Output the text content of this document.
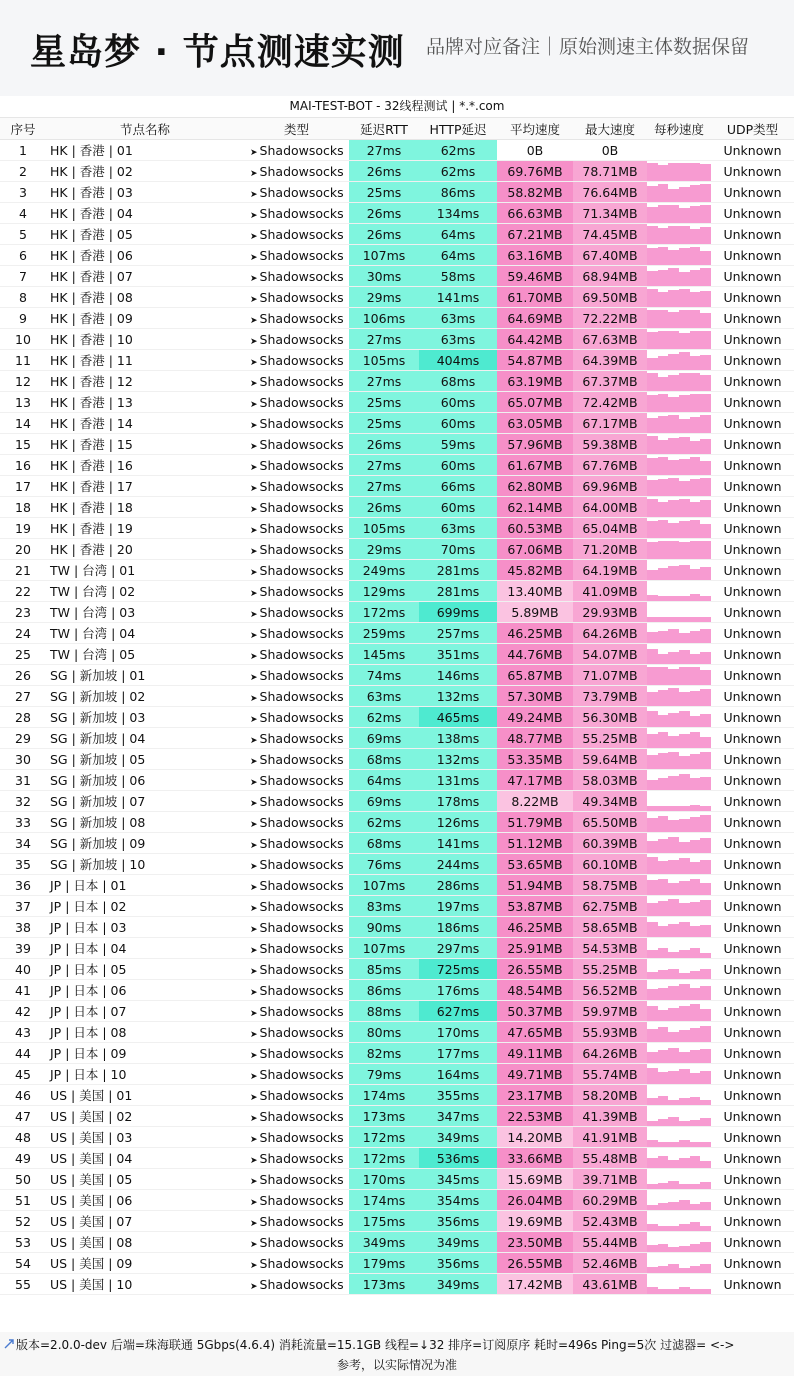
星岛梦 · 节点测速实测 品牌对应备注｜原始测速主体数据保留
MAI-TEST-BOT - 32线程测试 | *.*.com
序号	节点名称	类型	延迟RTT	HTTP延迟	平均速度	最大速度	每秒速度	UDP类型
1	HK | 香港 | 01	➤ Shadowsocks	27ms	62ms	0B	0B		Unknown
2	HK | 香港 | 02	➤ Shadowsocks	26ms	62ms	69.76MB	78.71MB		Unknown
3	HK | 香港 | 03	➤ Shadowsocks	25ms	86ms	58.82MB	76.64MB		Unknown
4	HK | 香港 | 04	➤ Shadowsocks	26ms	134ms	66.63MB	71.34MB		Unknown
5	HK | 香港 | 05	➤ Shadowsocks	26ms	64ms	67.21MB	74.45MB		Unknown
6	HK | 香港 | 06	➤ Shadowsocks	107ms	64ms	63.16MB	67.40MB		Unknown
7	HK | 香港 | 07	➤ Shadowsocks	30ms	58ms	59.46MB	68.94MB		Unknown
8	HK | 香港 | 08	➤ Shadowsocks	29ms	141ms	61.70MB	69.50MB		Unknown
9	HK | 香港 | 09	➤ Shadowsocks	106ms	63ms	64.69MB	72.22MB		Unknown
10	HK | 香港 | 10	➤ Shadowsocks	27ms	63ms	64.42MB	67.63MB		Unknown
11	HK | 香港 | 11	➤ Shadowsocks	105ms	404ms	54.87MB	64.39MB		Unknown
12	HK | 香港 | 12	➤ Shadowsocks	27ms	68ms	63.19MB	67.37MB		Unknown
13	HK | 香港 | 13	➤ Shadowsocks	25ms	60ms	65.07MB	72.42MB		Unknown
14	HK | 香港 | 14	➤ Shadowsocks	25ms	60ms	63.05MB	67.17MB		Unknown
15	HK | 香港 | 15	➤ Shadowsocks	26ms	59ms	57.96MB	59.38MB		Unknown
16	HK | 香港 | 16	➤ Shadowsocks	27ms	60ms	61.67MB	67.76MB		Unknown
17	HK | 香港 | 17	➤ Shadowsocks	27ms	66ms	62.80MB	69.96MB		Unknown
18	HK | 香港 | 18	➤ Shadowsocks	26ms	60ms	62.14MB	64.00MB		Unknown
19	HK | 香港 | 19	➤ Shadowsocks	105ms	63ms	60.53MB	65.04MB		Unknown
20	HK | 香港 | 20	➤ Shadowsocks	29ms	70ms	67.06MB	71.20MB		Unknown
21	TW | 台湾 | 01	➤ Shadowsocks	249ms	281ms	45.82MB	64.19MB		Unknown
22	TW | 台湾 | 02	➤ Shadowsocks	129ms	281ms	13.40MB	41.09MB		Unknown
23	TW | 台湾 | 03	➤ Shadowsocks	172ms	699ms	5.89MB	29.93MB		Unknown
24	TW | 台湾 | 04	➤ Shadowsocks	259ms	257ms	46.25MB	64.26MB		Unknown
25	TW | 台湾 | 05	➤ Shadowsocks	145ms	351ms	44.76MB	54.07MB		Unknown
26	SG | 新加坡 | 01	➤ Shadowsocks	74ms	146ms	65.87MB	71.07MB		Unknown
27	SG | 新加坡 | 02	➤ Shadowsocks	63ms	132ms	57.30MB	73.79MB		Unknown
28	SG | 新加坡 | 03	➤ Shadowsocks	62ms	465ms	49.24MB	56.30MB		Unknown
29	SG | 新加坡 | 04	➤ Shadowsocks	69ms	138ms	48.77MB	55.25MB		Unknown
30	SG | 新加坡 | 05	➤ Shadowsocks	68ms	132ms	53.35MB	59.64MB		Unknown
31	SG | 新加坡 | 06	➤ Shadowsocks	64ms	131ms	47.17MB	58.03MB		Unknown
32	SG | 新加坡 | 07	➤ Shadowsocks	69ms	178ms	8.22MB	49.34MB		Unknown
33	SG | 新加坡 | 08	➤ Shadowsocks	62ms	126ms	51.79MB	65.50MB		Unknown
34	SG | 新加坡 | 09	➤ Shadowsocks	68ms	141ms	51.12MB	60.39MB		Unknown
35	SG | 新加坡 | 10	➤ Shadowsocks	76ms	244ms	53.65MB	60.10MB		Unknown
36	JP | 日本 | 01	➤ Shadowsocks	107ms	286ms	51.94MB	58.75MB		Unknown
37	JP | 日本 | 02	➤ Shadowsocks	83ms	197ms	53.87MB	62.75MB		Unknown
38	JP | 日本 | 03	➤ Shadowsocks	90ms	186ms	46.25MB	58.65MB		Unknown
39	JP | 日本 | 04	➤ Shadowsocks	107ms	297ms	25.91MB	54.53MB		Unknown
40	JP | 日本 | 05	➤ Shadowsocks	85ms	725ms	26.55MB	55.25MB		Unknown
41	JP | 日本 | 06	➤ Shadowsocks	86ms	176ms	48.54MB	56.52MB		Unknown
42	JP | 日本 | 07	➤ Shadowsocks	88ms	627ms	50.37MB	59.97MB		Unknown
43	JP | 日本 | 08	➤ Shadowsocks	80ms	170ms	47.65MB	55.93MB		Unknown
44	JP | 日本 | 09	➤ Shadowsocks	82ms	177ms	49.11MB	64.26MB		Unknown
45	JP | 日本 | 10	➤ Shadowsocks	79ms	164ms	49.71MB	55.74MB		Unknown
46	US | 美国 | 01	➤ Shadowsocks	174ms	355ms	23.17MB	58.20MB		Unknown
47	US | 美国 | 02	➤ Shadowsocks	173ms	347ms	22.53MB	41.39MB		Unknown
48	US | 美国 | 03	➤ Shadowsocks	172ms	349ms	14.20MB	41.91MB		Unknown
49	US | 美国 | 04	➤ Shadowsocks	172ms	536ms	33.66MB	55.48MB		Unknown
50	US | 美国 | 05	➤ Shadowsocks	170ms	345ms	15.69MB	39.71MB		Unknown
51	US | 美国 | 06	➤ Shadowsocks	174ms	354ms	26.04MB	60.29MB		Unknown
52	US | 美国 | 07	➤ Shadowsocks	175ms	356ms	19.69MB	52.43MB		Unknown
53	US | 美国 | 08	➤ Shadowsocks	349ms	349ms	23.50MB	55.44MB		Unknown
54	US | 美国 | 09	➤ Shadowsocks	179ms	356ms	26.55MB	52.46MB		Unknown
55	US | 美国 | 10	➤ Shadowsocks	173ms	349ms	17.42MB	43.61MB		Unknown
版本=2.0.0-dev 后端=珠海联通 5Gbps(4.6.4) 消耗流量=15.1GB 线程=↓32 排序=订阅原序 耗时=496s Ping=5次 过滤器= <->
参考，以实际情况为准
